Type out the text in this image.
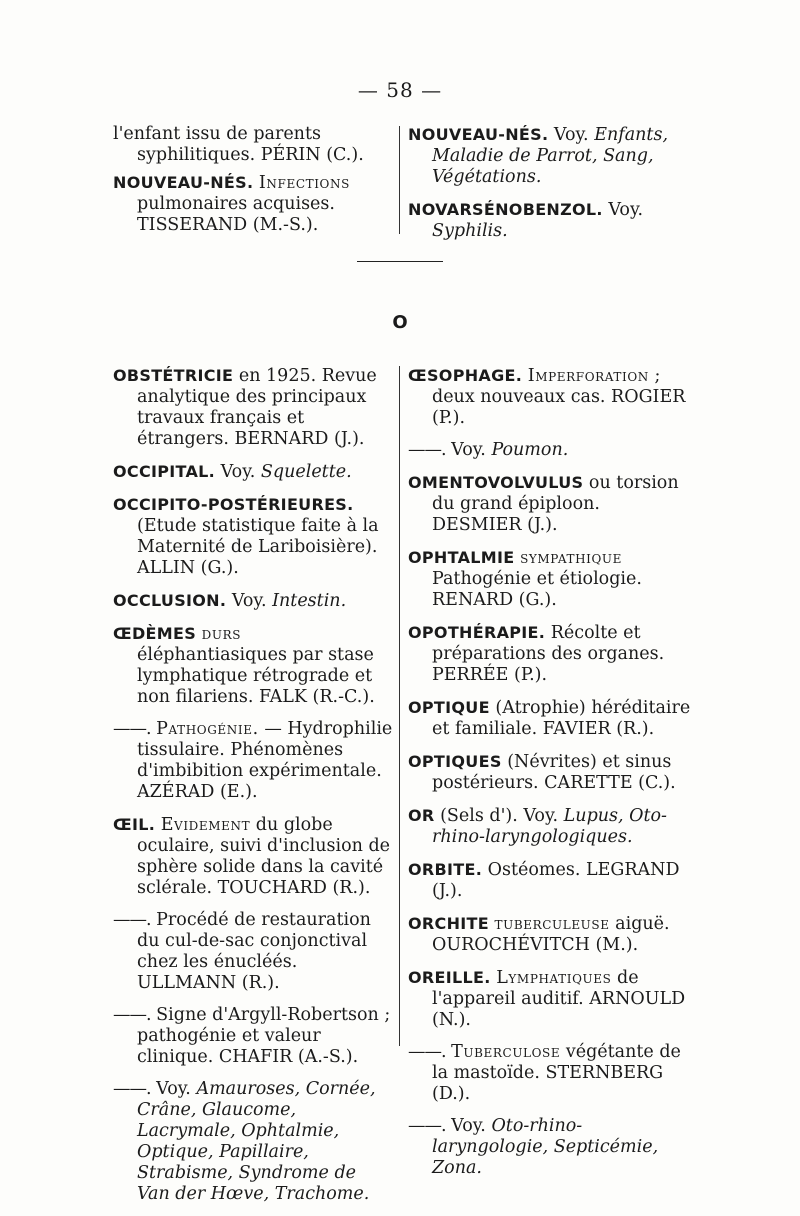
— 58 —

l'enfant issu de parents syphilitiques. PÉRIN (C.).

NOUVEAU-NÉS. Infections pulmonaires acquises. TISSERAND (M.-S.).

NOUVEAU-NÉS. Voy. Enfants, Maladie de Parrot, Sang, Végétations.

NOVARSÉNOBENZOL. Voy. Syphilis.

O

OBSTÉTRICIE en 1925. Revue analytique des principaux travaux français et étrangers. BERNARD (J.).

OCCIPITAL. Voy. Squelette.

OCCIPITO-POSTÉRIEURES. (Etude statistique faite à la Maternité de Lariboisière). ALLIN (G.).

OCCLUSION. Voy. Intestin.

ŒDÈMES durs éléphantiasiques par stase lymphatique rétrograde et non filariens. FALK (R.-C.).

——. Pathogénie. — Hydrophilie tissulaire. Phénomènes d'imbibition expérimentale. AZÉRAD (E.).

ŒIL. Evidement du globe oculaire, suivi d'inclusion de sphère solide dans la cavité sclérale. TOUCHARD (R.).

——. Procédé de restauration du cul-de-sac conjonctival chez les énucléés. ULLMANN (R.).

——. Signe d'Argyll-Robertson ; pathogénie et valeur clinique. CHAFIR (A.-S.).

——. Voy. Amauroses, Cornée, Crâne, Glaucome, Lacrymale, Ophtalmie, Optique, Papillaire, Strabisme, Syndrome de Van der Hœve, Trachome.

ŒSOPHAGE. Imperforation ; deux nouveaux cas. ROGIER (P.).

——. Voy. Poumon.

OMENTOVOLVULUS ou torsion du grand épiploon. DESMIER (J.).

OPHTALMIE sympathique Pathogénie et étiologie. RENARD (G.).

OPOTHÉRAPIE. Récolte et préparations des organes. PERRÉE (P.).

OPTIQUE (Atrophie) héréditaire et familiale. FAVIER (R.).

OPTIQUES (Névrites) et sinus postérieurs. CARETTE (C.).

OR (Sels d'). Voy. Lupus, Oto-rhino-laryngologiques.

ORBITE. Ostéomes. LEGRAND (J.).

ORCHITE tuberculeuse aiguë. OUROCHÉVITCH (M.).

OREILLE. Lymphatiques de l'appareil auditif. ARNOULD (N.).

——. Tuberculose végétante de la mastoïde. STERNBERG (D.).

——. Voy. Oto-rhino-laryngologie, Septicémie, Zona.
